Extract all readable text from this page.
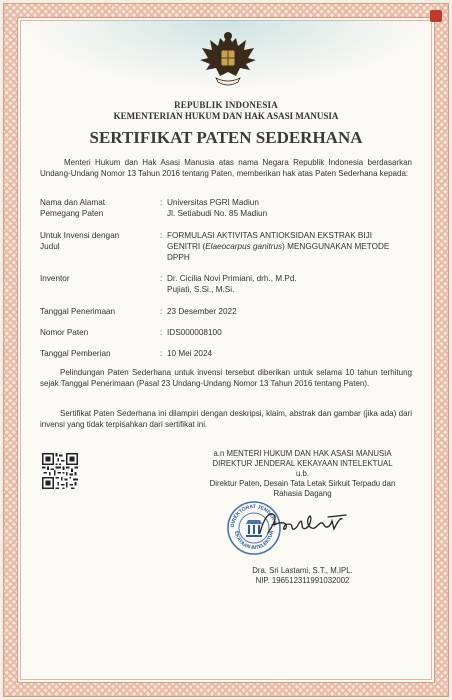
REPUBLIK INDONESIA
KEMENTERIAN HUKUM DAN HAK ASASI MANUSIA
SERTIFIKAT PATEN SEDERHANA
Menteri Hukum dan Hak Asasi Manusia atas nama Negara Republik Indonesia berdasarkan Undang-Undang Nomor 13 Tahun 2016 tentang Paten, memberikan hak atas Paten Sederhana kepada:
Nama dan Alamat
Pemegang Paten
: Universitas PGRI Madiun
Jl. Setiabudi No. 85 Madiun
Untuk Invensi dengan
Judul
: FORMULASI AKTIVITAS ANTIOKSIDAN EKSTRAK BIJI
GENITRI (Elaeocarpus ganitrus) MENGGUNAKAN METODE
DPPH
Inventor	: Dr. Cicilia Novi Primiani, drh., M.Pd.
Pujiati, S.Si., M.Si.
Tanggal Penerimaan	: 23 Desember 2022
Nomor Paten	: IDS000008100
Tanggal Pemberian	: 10 Mei 2024
Pelindungan Paten Sederhana untuk invensi tersebut diberikan untuk selama 10 tahun terhitung sejak Tanggal Penerimaan (Pasal 23 Undang-Undang Nomor 13 Tahun 2016 tentang Paten).
Sertifikat Paten Sederhana ini dilampiri dengan deskripsi, klaim, abstrak dan gambar (jika ada) dari invensi yang tidak terpisahkan dari sertifikat ini.
a.n MENTERI HUKUM DAN HAK ASASI MANUSIA
DIREKTUR JENDERAL KEKAYAAN INTELEKTUAL
u.b.
Direktur Paten, Desain Tata Letak Sirkuit Terpadu dan
Rahasia Dagang
DIREKTORAT JENDERAL
EKAYAAN INTELEKTUA
Dra. Sri Lastami, S.T., M.IPL.
NIP. 196512311991032002
